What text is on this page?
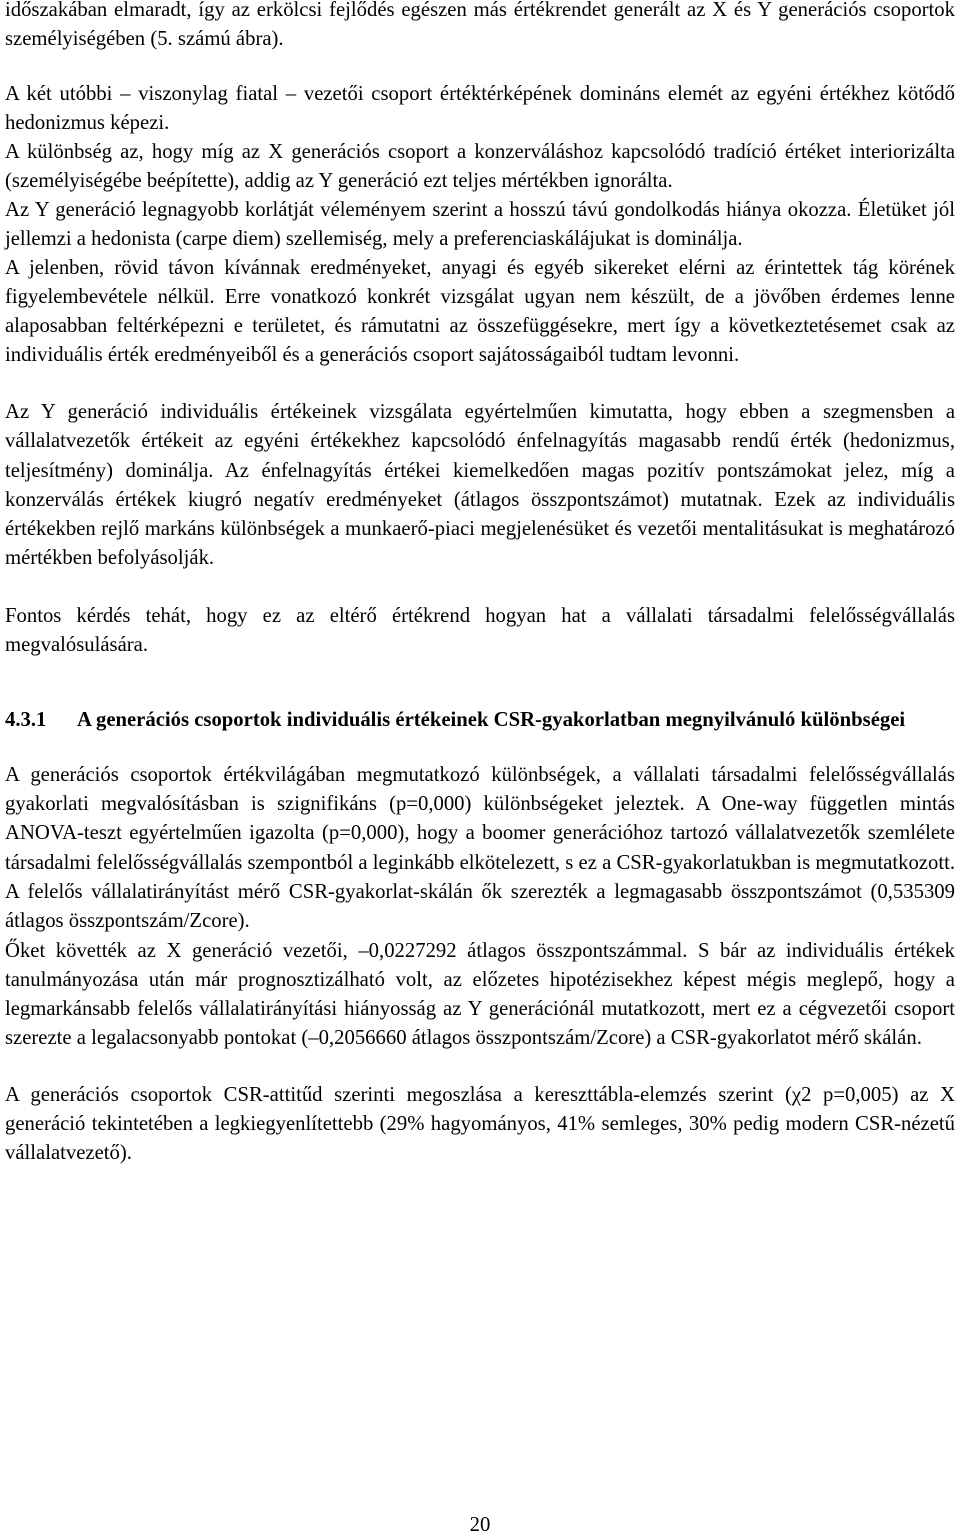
időszakában elmaradt, így az erkölcsi fejlődés egészen más értékrendet generált az X és Y generációs csoportok személyiségében (5. számú ábra).

A két utóbbi – viszonylag fiatal – vezetői csoport értéktérképének domináns elemét az egyéni értékhez kötődő hedonizmus képezi.

A különbség az, hogy míg az X generációs csoport a konzerváláshoz kapcsolódó tradíció értéket interiorizálta (személyiségébe beépítette), addig az Y generáció ezt teljes mértékben ignorálta.

Az Y generáció legnagyobb korlátját véleményem szerint a hosszú távú gondolkodás hiánya okozza. Életüket jól jellemzi a hedonista (carpe diem) szellemiség, mely a preferenciaskálájukat is dominálja.

A jelenben, rövid távon kívánnak eredményeket, anyagi és egyéb sikereket elérni az érintettek tág körének figyelembevétele nélkül. Erre vonatkozó konkrét vizsgálat ugyan nem készült, de a jövőben érdemes lenne alaposabban feltérképezni e területet, és rámutatni az összefüggésekre, mert így a következtetésemet csak az individuális érték eredményeiből és a generációs csoport sajátosságaiból tudtam levonni.

Az Y generáció individuális értékeinek vizsgálata egyértelműen kimutatta, hogy ebben a szegmensben a vállalatvezetők értékeit az egyéni értékekhez kapcsolódó énfelnagyítás magasabb rendű érték (hedonizmus, teljesítmény) dominálja. Az énfelnagyítás értékei kiemelkedően magas pozitív pontszámokat jelez, míg a konzerválás értékek kiugró negatív eredményeket (átlagos összpontszámot) mutatnak. Ezek az individuális értékekben rejlő markáns különbségek a munkaerő-piaci megjelenésüket és vezetői mentalitásukat is meghatározó mértékben befolyásolják.

Fontos kérdés tehát, hogy ez az eltérő értékrend hogyan hat a vállalati társadalmi felelősségvállalás megvalósulására.

4.3.1 A generációs csoportok individuális értékeinek CSR-gyakorlatban megnyilvánuló különbségei

A generációs csoportok értékvilágában megmutatkozó különbségek, a vállalati társadalmi felelősségvállalás gyakorlati megvalósításban is szignifikáns (p=0,000) különbségeket jeleztek. A One-way független mintás ANOVA-teszt egyértelműen igazolta (p=0,000), hogy a boomer generációhoz tartozó vállalatvezetők szemlélete társadalmi felelősségvállalás szempontból a leginkább elkötelezett, s ez a CSR-gyakorlatukban is megmutatkozott. A felelős vállalatirányítást mérő CSR-gyakorlat-skálán ők szerezték a legmagasabb összpontszámot (0,535309 átlagos összpontszám/Zcore).

Őket követték az X generáció vezetői, –0,0227292 átlagos összpontszámmal. S bár az individuális értékek tanulmányozása után már prognosztizálható volt, az előzetes hipotézisekhez képest mégis meglepő, hogy a legmarkánsabb felelős vállalatirányítási hiányosság az Y generációnál mutatkozott, mert ez a cégvezetői csoport szerezte a legalacsonyabb pontokat (–0,2056660 átlagos összpontszám/Zcore) a CSR-gyakorlatot mérő skálán.

A generációs csoportok CSR-attitűd szerinti megoszlása a kereszttábla-elemzés szerint (χ2 p=0,005) az X generáció tekintetében a legkiegyenlítettebb (29% hagyományos, 41% semleges, 30% pedig modern CSR-nézetű vállalatvezető).

20
